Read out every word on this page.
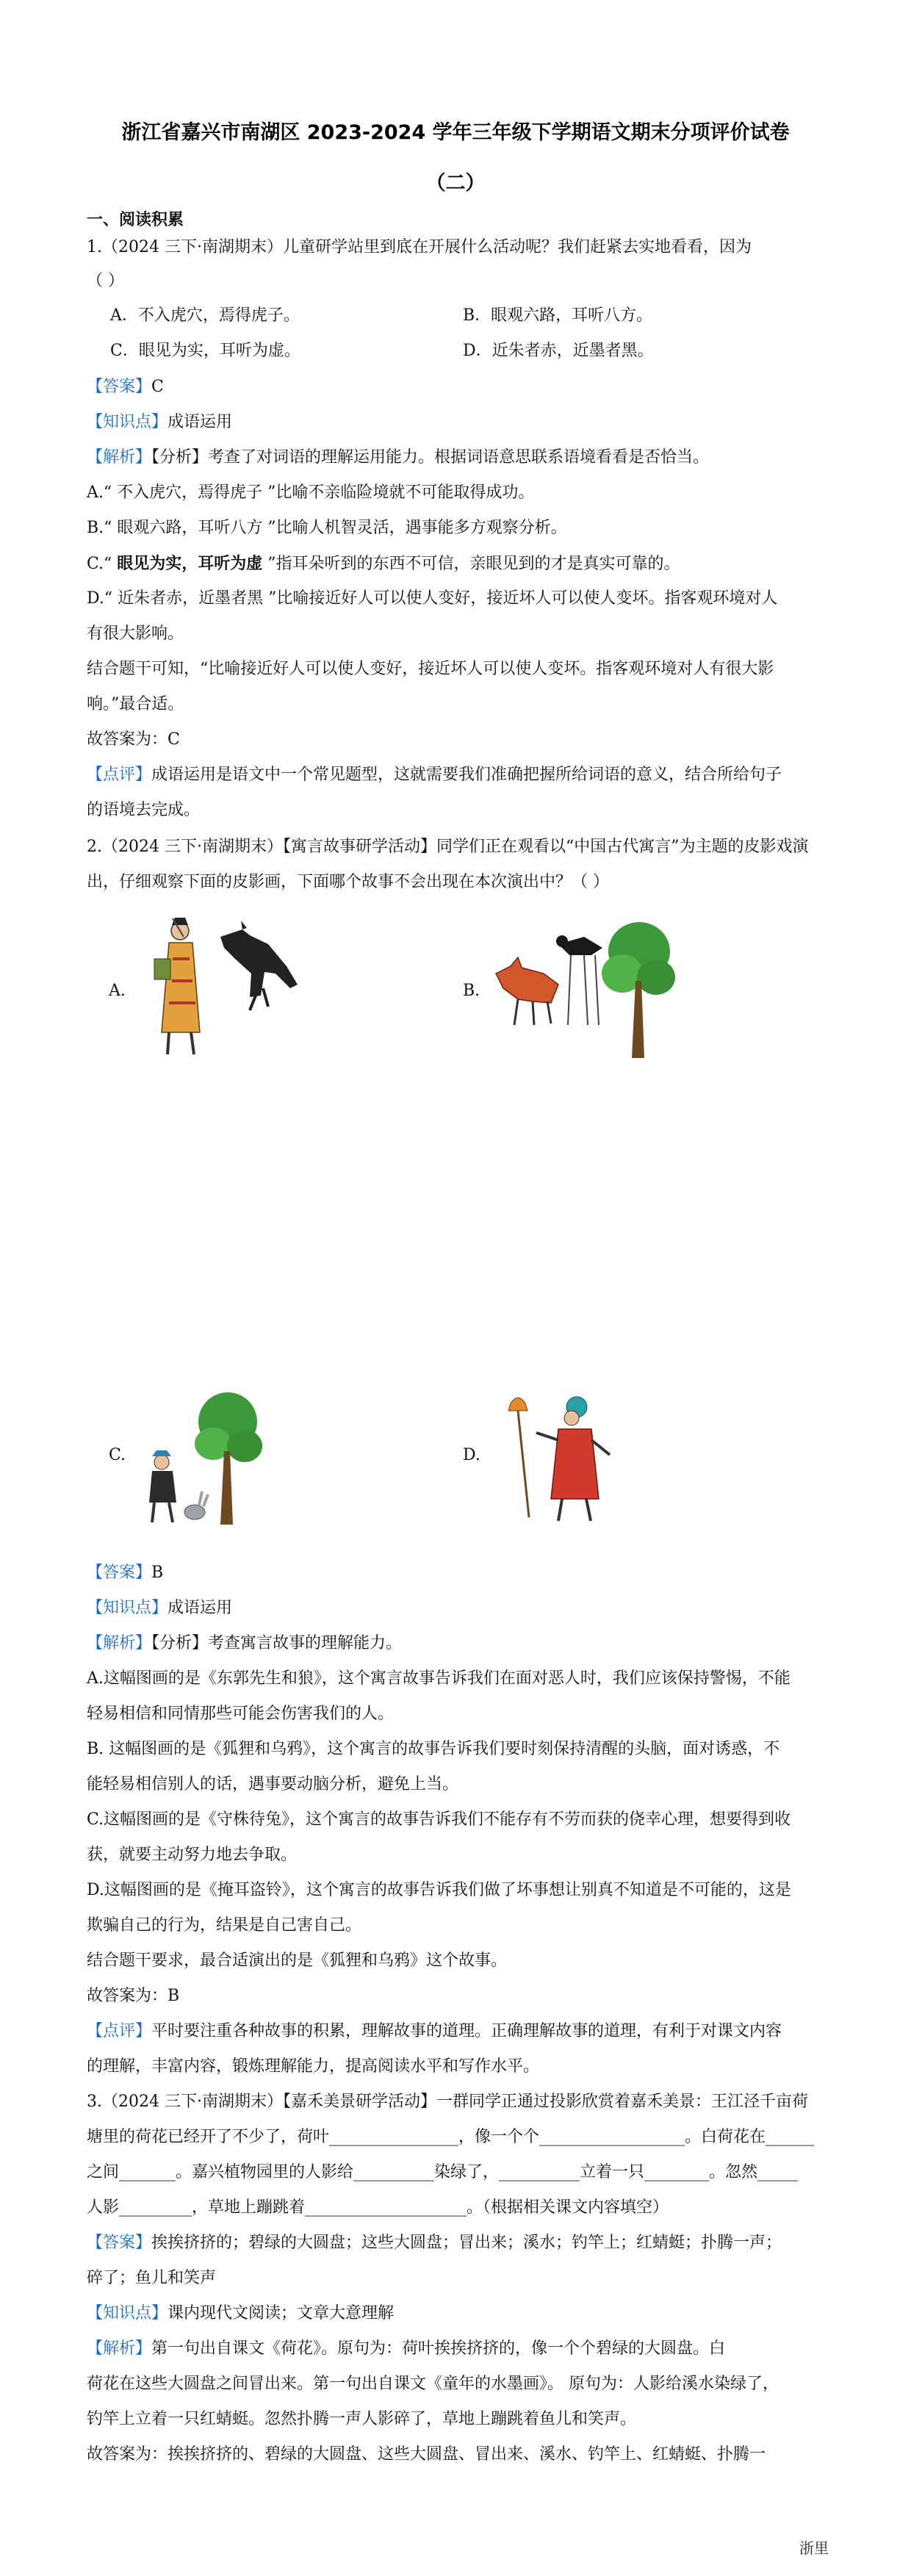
浙江省嘉兴市南湖区 2023-2024 学年三年级下学期语文期末分项评价试卷
（二）
一、阅读积累
1.（2024 三下·南湖期末）儿童研学站里到底在开展什么活动呢？我们赶紧去实地看看，因为
（ ）
A．不入虎穴，焉得虎子。	B．眼观六路，耳听八方。
C．眼见为实，耳听为虚。	D．近朱者赤，近墨者黑。
【答案】C
【知识点】成语运用
【解析】【分析】考查了对词语的理解运用能力。根据词语意思联系语境看看是否恰当。
A.“ 不入虎穴，焉得虎子 ”比喻不亲临险境就不可能取得成功。
B.“ 眼观六路，耳听八方 ”比喻人机智灵活，遇事能多方观察分析。
C.“ 眼见为实，耳听为虚 ”指耳朵听到的东西不可信，亲眼见到的才是真实可靠的。
D.“ 近朱者赤，近墨者黑 ”比喻接近好人可以使人变好，接近坏人可以使人变坏。指客观环境对人
有很大影响。
结合题干可知，“比喻接近好人可以使人变好，接近坏人可以使人变坏。指客观环境对人有很大影
响。”最合适。
故答案为：C
【点评】成语运用是语文中一个常见题型，这就需要我们准确把握所给词语的意义，结合所给句子
的语境去完成。
2.（2024 三下·南湖期末）【寓言故事研学活动】同学们正在观看以“中国古代寓言”为主题的皮影戏演
出，仔细观察下面的皮影画，下面哪个故事不会出现在本次演出中？（ ）
A.	B.
C.	D.
【答案】B
【知识点】成语运用
【解析】【分析】考查寓言故事的理解能力。
A.这幅图画的是《东郭先生和狼》，这个寓言故事告诉我们在面对恶人时，我们应该保持警惕，不能
轻易相信和同情那些可能会伤害我们的人。
B. 这幅图画的是《狐狸和乌鸦》，这个寓言的故事告诉我们要时刻保持清醒的头脑，面对诱惑，不
能轻易相信别人的话，遇事要动脑分析，避免上当。
C.这幅图画的是《守株待兔》，这个寓言的故事告诉我们不能存有不劳而获的侥幸心理，想要得到收
获，就要主动努力地去争取。
D.这幅图画的是《掩耳盗铃》，这个寓言的故事告诉我们做了坏事想让别真不知道是不可能的，这是
欺骗自己的行为，结果是自己害自己。
结合题干要求，最合适演出的是《狐狸和乌鸦》这个故事。
故答案为：B
【点评】平时要注重各种故事的积累，理解故事的道理。正确理解故事的道理，有利于对课文内容
的理解，丰富内容，锻炼理解能力，提高阅读水平和写作水平。
3.（2024 三下·南湖期末）【嘉禾美景研学活动】一群同学正通过投影欣赏着嘉禾美景：王江泾千亩荷
塘里的荷花已经开了不少了，荷叶________________，像一个个__________________。白荷花在______
之间_______。嘉兴植物园里的人影给__________染绿了，__________立着一只________。忽然_____
人影_________，草地上蹦跳着____________________。（根据相关课文内容填空）
【答案】挨挨挤挤的；碧绿的大圆盘；这些大圆盘；冒出来；溪水；钓竿上；红蜻蜓；扑腾一声；
碎了；鱼儿和笑声
【知识点】课内现代文阅读；文章大意理解
【解析】第一句出自课文《荷花》。原句为：荷叶挨挨挤挤的，像一个个碧绿的大圆盘。白
荷花在这些大圆盘之间冒出来。第一句出自课文《童年的水墨画》。 原句为：人影给溪水染绿了，
钓竿上立着一只红蜻蜓。忽然扑腾一声人影碎了，草地上蹦跳着鱼儿和笑声。
故答案为：挨挨挤挤的、碧绿的大圆盘、这些大圆盘、冒出来、溪水、钓竿上、红蜻蜓、扑腾一
浙里
